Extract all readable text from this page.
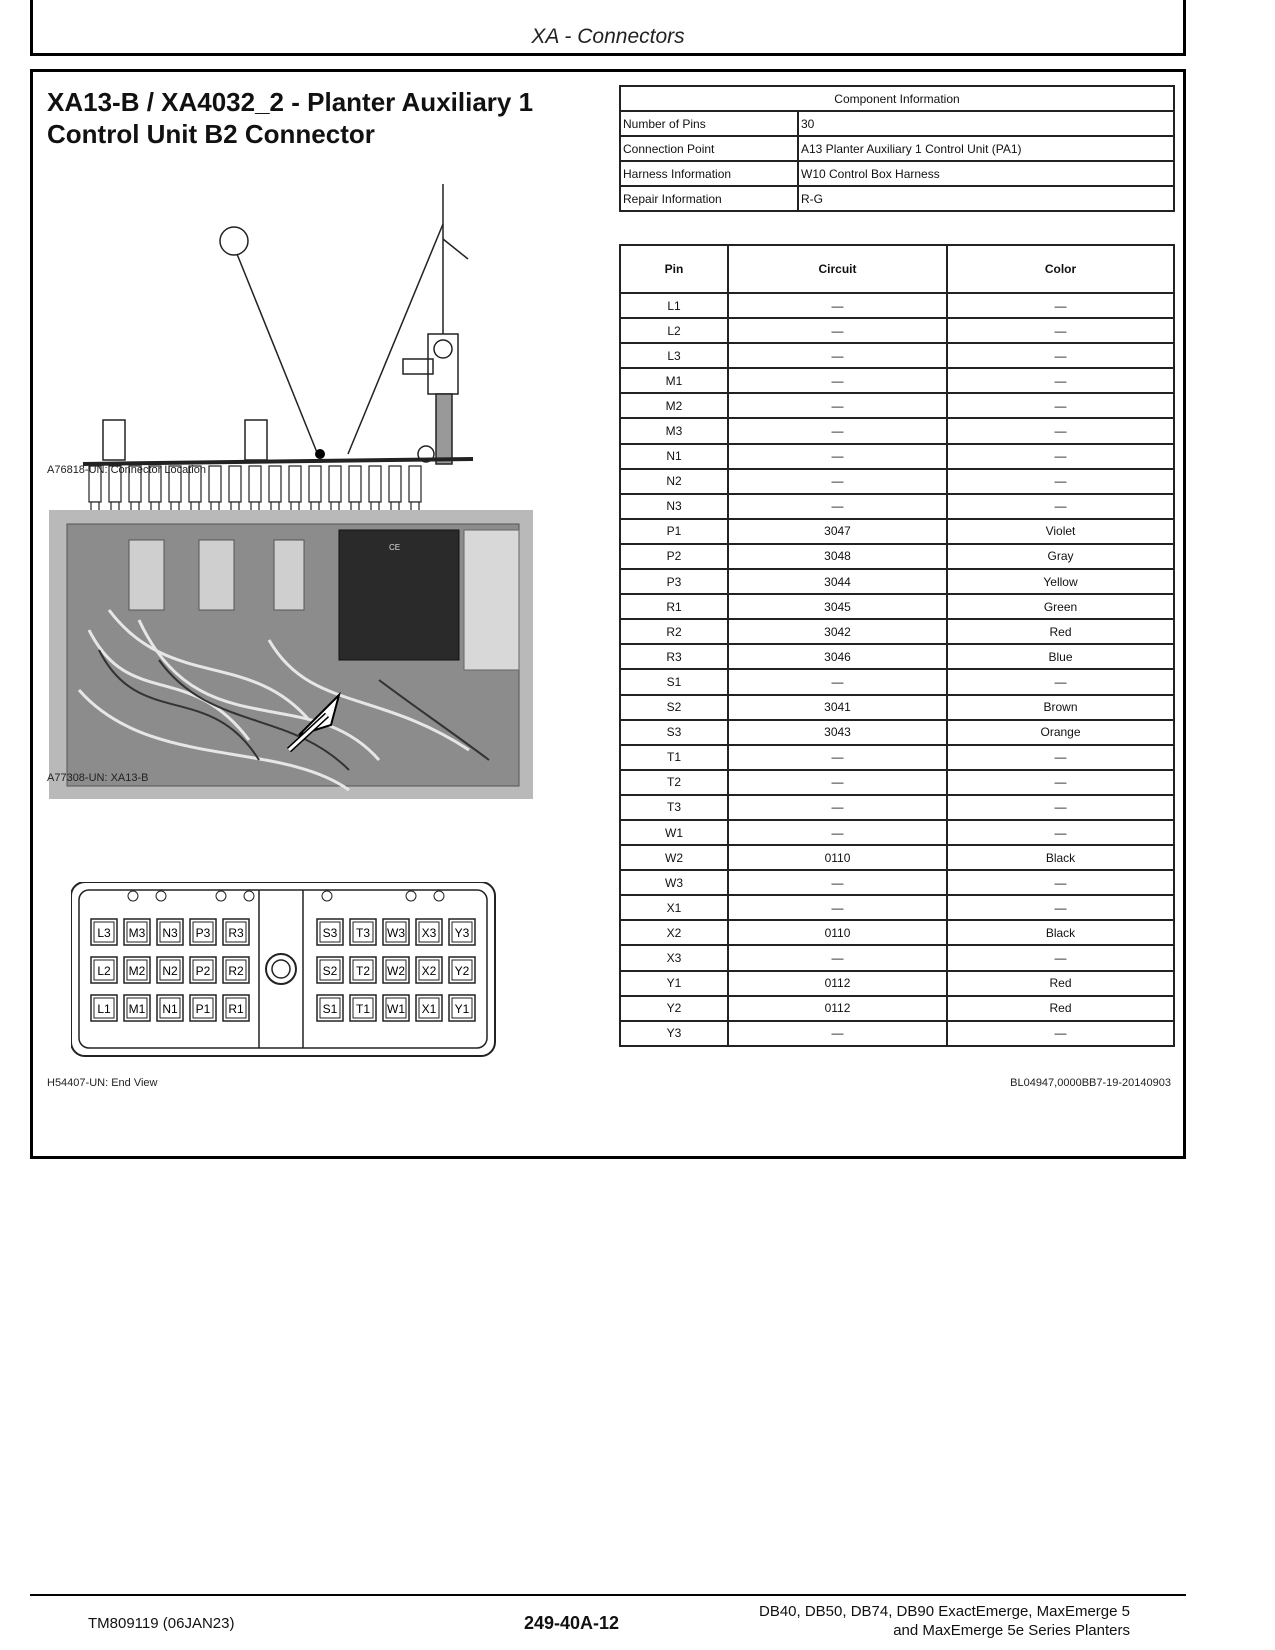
XA - Connectors
XA13-B / XA4032_2 - Planter Auxiliary 1
Control Unit B2 Connector
A76818-UN: Connector Location
CE
A77308-UN: XA13-B
L3 M3 N3 P3 R3
L2 M2 N2 P2 R2
L1 M1 N1 P1 R1
S3 T3 W3 X3 Y3
S2 T2 W2 X2 Y2
S1 T1 W1 X1 Y1
H54407-UN: End View
Component Information	
Number of Pins	30
Connection Point	A13 Planter Auxiliary 1 Control Unit (PA1)
Harness Information	W10 Control Box Harness
Repair Information	R-G
Pin	Circuit	Color
L1	—	—
L2	—	—
L3	—	—
M1	—	—
M2	—	—
M3	—	—
N1	—	—
N2	—	—
N3	—	—
P1	3047	Violet
P2	3048	Gray
P3	3044	Yellow
R1	3045	Green
R2	3042	Red
R3	3046	Blue
S1	—	—
S2	3041	Brown
S3	3043	Orange
T1	—	—
T2	—	—
T3	—	—
W1	—	—
W2	0110	Black
W3	—	—
X1	—	—
X2	0110	Black
X3	—	—
Y1	0112	Red
Y2	0112	Red
Y3	—	—
BL04947,0000BB7-19-20140903
TM809119 (06JAN23)	249-40A-12
DB40, DB50, DB74, DB90 ExactEmerge, MaxEmerge 5
and MaxEmerge 5e Series Planters
